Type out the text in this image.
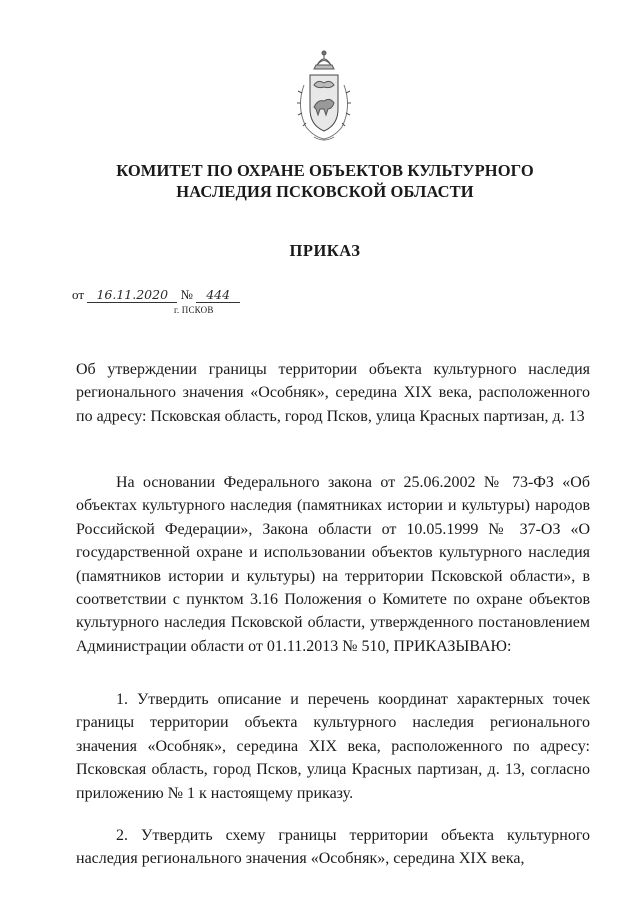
КОМИТЕТ ПО ОХРАНЕ ОБЪЕКТОВ КУЛЬТУРНОГО
НАСЛЕДИЯ ПСКОВСКОЙ ОБЛАСТИ
ПРИКАЗ
от 16.11.2020 № 444
г. ПСКОВ
Об утверждении границы территории объекта культурного наследия регионального значения «Особняк», середина XIX века, расположенного по адресу: Псковская область, город Псков, улица Красных партизан, д. 13
На основании Федерального закона от 25.06.2002 № 73-ФЗ «Об объектах культурного наследия (памятниках истории и культуры) народов Российской Федерации», Закона области от 10.05.1999 № 37-ОЗ «О государственной охране и использовании объектов культурного наследия (памятников истории и культуры) на территории Псковской области», в соответствии с пунктом 3.16 Положения о Комитете по охране объектов культурного наследия Псковской области, утвержденного постановлением Администрации области от 01.11.2013 № 510, ПРИКАЗЫВАЮ:
1. Утвердить описание и перечень координат характерных точек границы территории объекта культурного наследия регионального значения «Особняк», середина XIX века, расположенного по адресу: Псковская область, город Псков, улица Красных партизан, д. 13, согласно приложению № 1 к настоящему приказу.
2. Утвердить схему границы территории объекта культурного наследия регионального значения «Особняк», середина XIX века,
